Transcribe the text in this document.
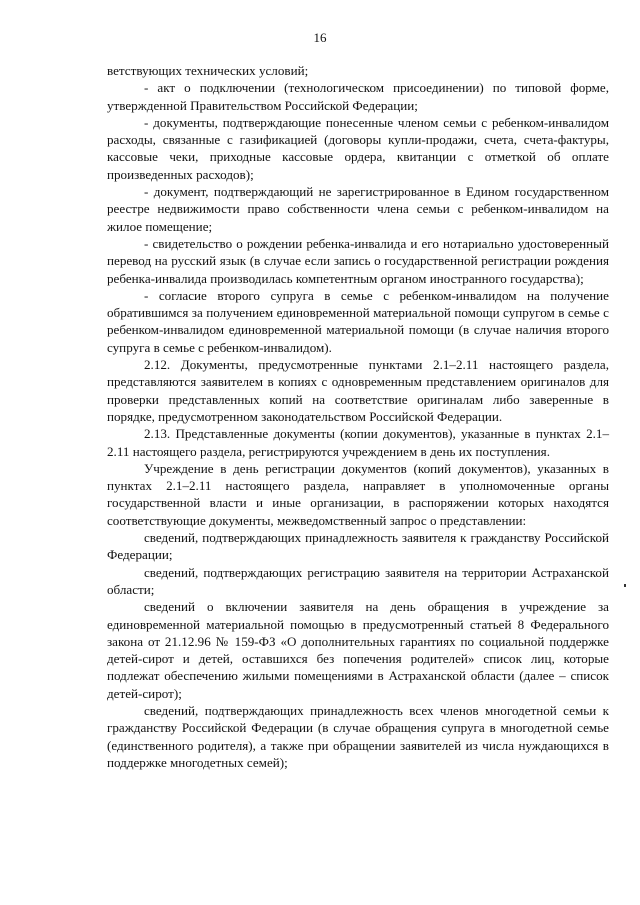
16

ветствующих технических условий;

- акт о подключении (технологическом присоединении) по типовой форме, утвержденной Правительством Российской Федерации;

- документы, подтверждающие понесенные членом семьи с ребенком-инвалидом расходы, связанные с газификацией (договоры купли-продажи, счета, счета-фактуры, кассовые чеки, приходные кассовые ордера, квитанции с отметкой об оплате произведенных расходов);

- документ, подтверждающий не зарегистрированное в Едином государственном реестре недвижимости право собственности члена семьи с ребенком-инвалидом на жилое помещение;

- свидетельство о рождении ребенка-инвалида и его нотариально удостоверенный перевод на русский язык (в случае если запись о государственной регистрации рождения ребенка-инвалида производилась компетентным органом иностранного государства);

- согласие второго супруга в семье с ребенком-инвалидом на получение обратившимся за получением единовременной материальной помощи супругом в семье с ребенком-инвалидом единовременной материальной помощи (в случае наличия второго супруга в семье с ребенком-инвалидом).

2.12. Документы, предусмотренные пунктами 2.1–2.11 настоящего раздела, представляются заявителем в копиях с одновременным представлением оригиналов для проверки представленных копий на соответствие оригиналам либо заверенные в порядке, предусмотренном законодательством Российской Федерации.

2.13. Представленные документы (копии документов), указанные в пунктах 2.1–2.11 настоящего раздела, регистрируются учреждением в день их поступления.

Учреждение в день регистрации документов (копий документов), указанных в пунктах 2.1–2.11 настоящего раздела, направляет в уполномоченные органы государственной власти и иные организации, в распоряжении которых находятся соответствующие документы, межведомственный запрос о представлении:

сведений, подтверждающих принадлежность заявителя к гражданству Российской Федерации;

сведений, подтверждающих регистрацию заявителя на территории Астраханской области;

сведений о включении заявителя на день обращения в учреждение за единовременной материальной помощью в предусмотренный статьей 8 Федерального закона от 21.12.96 № 159-ФЗ «О дополнительных гарантиях по социальной поддержке детей-сирот и детей, оставшихся без попечения родителей» список лиц, которые подлежат обеспечению жилыми помещениями в Астраханской области (далее – список детей-сирот);

сведений, подтверждающих принадлежность всех членов многодетной семьи к гражданству Российской Федерации (в случае обращения супруга в многодетной семье (единственного родителя), а также при обращении заявителей из числа нуждающихся в поддержке многодетных семей);
